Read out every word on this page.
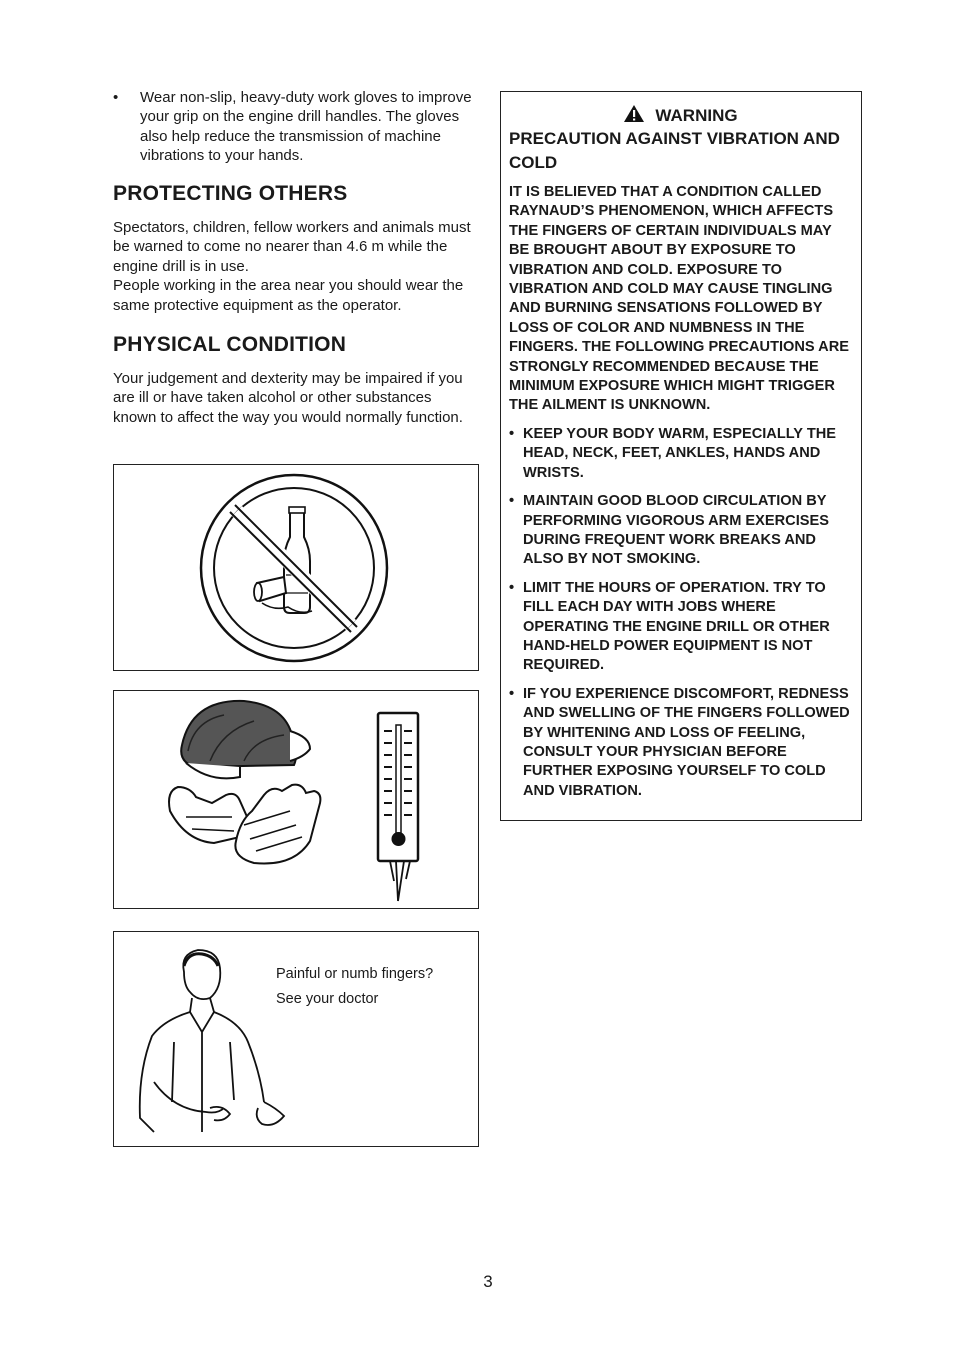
• Wear non-slip, heavy-duty work gloves to improve your grip on the engine drill handles. The gloves also help reduce the transmission of machine vibrations to your hands.
PROTECTING OTHERS

Spectators, children, fellow workers and animals must be warned to come no nearer than 4.6 m while the engine drill is in use.
People working in the area near you should wear the same protective equipment as the operator.

PHYSICAL CONDITION

Your judgement and dexterity may be impaired if you are ill or have taken alcohol or other substances known to affect the way you would normally function.

Painful or numb fingers?
See your doctor
WARNING
PRECAUTION AGAINST VIBRATION AND COLD
IT IS BELIEVED THAT A CONDITION CALLED RAYNAUD’S PHENOMENON, WHICH AFFECTS THE FINGERS OF CERTAIN INDIVIDUALS MAY BE BROUGHT ABOUT BY EXPOSURE TO VIBRATION AND COLD. EXPOSURE TO VIBRATION AND COLD MAY CAUSE TINGLING AND BURNING SENSATIONS FOLLOWED BY LOSS OF COLOR AND NUMBNESS IN THE FINGERS. THE FOLLOWING PRECAUTIONS ARE STRONGLY RECOMMENDED BECAUSE THE MINIMUM EXPOSURE WHICH MIGHT TRIGGER THE AILMENT IS UNKNOWN.
• KEEP YOUR BODY WARM, ESPECIALLY THE HEAD, NECK, FEET, ANKLES, HANDS AND WRISTS.
• MAINTAIN GOOD BLOOD CIRCULATION BY PERFORMING VIGOROUS ARM EXERCISES DURING FREQUENT WORK BREAKS AND ALSO BY NOT SMOKING.
• LIMIT THE HOURS OF OPERATION. TRY TO FILL EACH DAY WITH JOBS WHERE OPERATING THE ENGINE DRILL OR OTHER HAND-HELD POWER EQUIPMENT IS NOT REQUIRED.
• IF YOU EXPERIENCE DISCOMFORT, REDNESS AND SWELLING OF THE FINGERS FOLLOWED BY WHITENING AND LOSS OF FEELING, CONSULT YOUR PHYSICIAN BEFORE FURTHER EXPOSING YOURSELF TO COLD AND VIBRATION.
3
